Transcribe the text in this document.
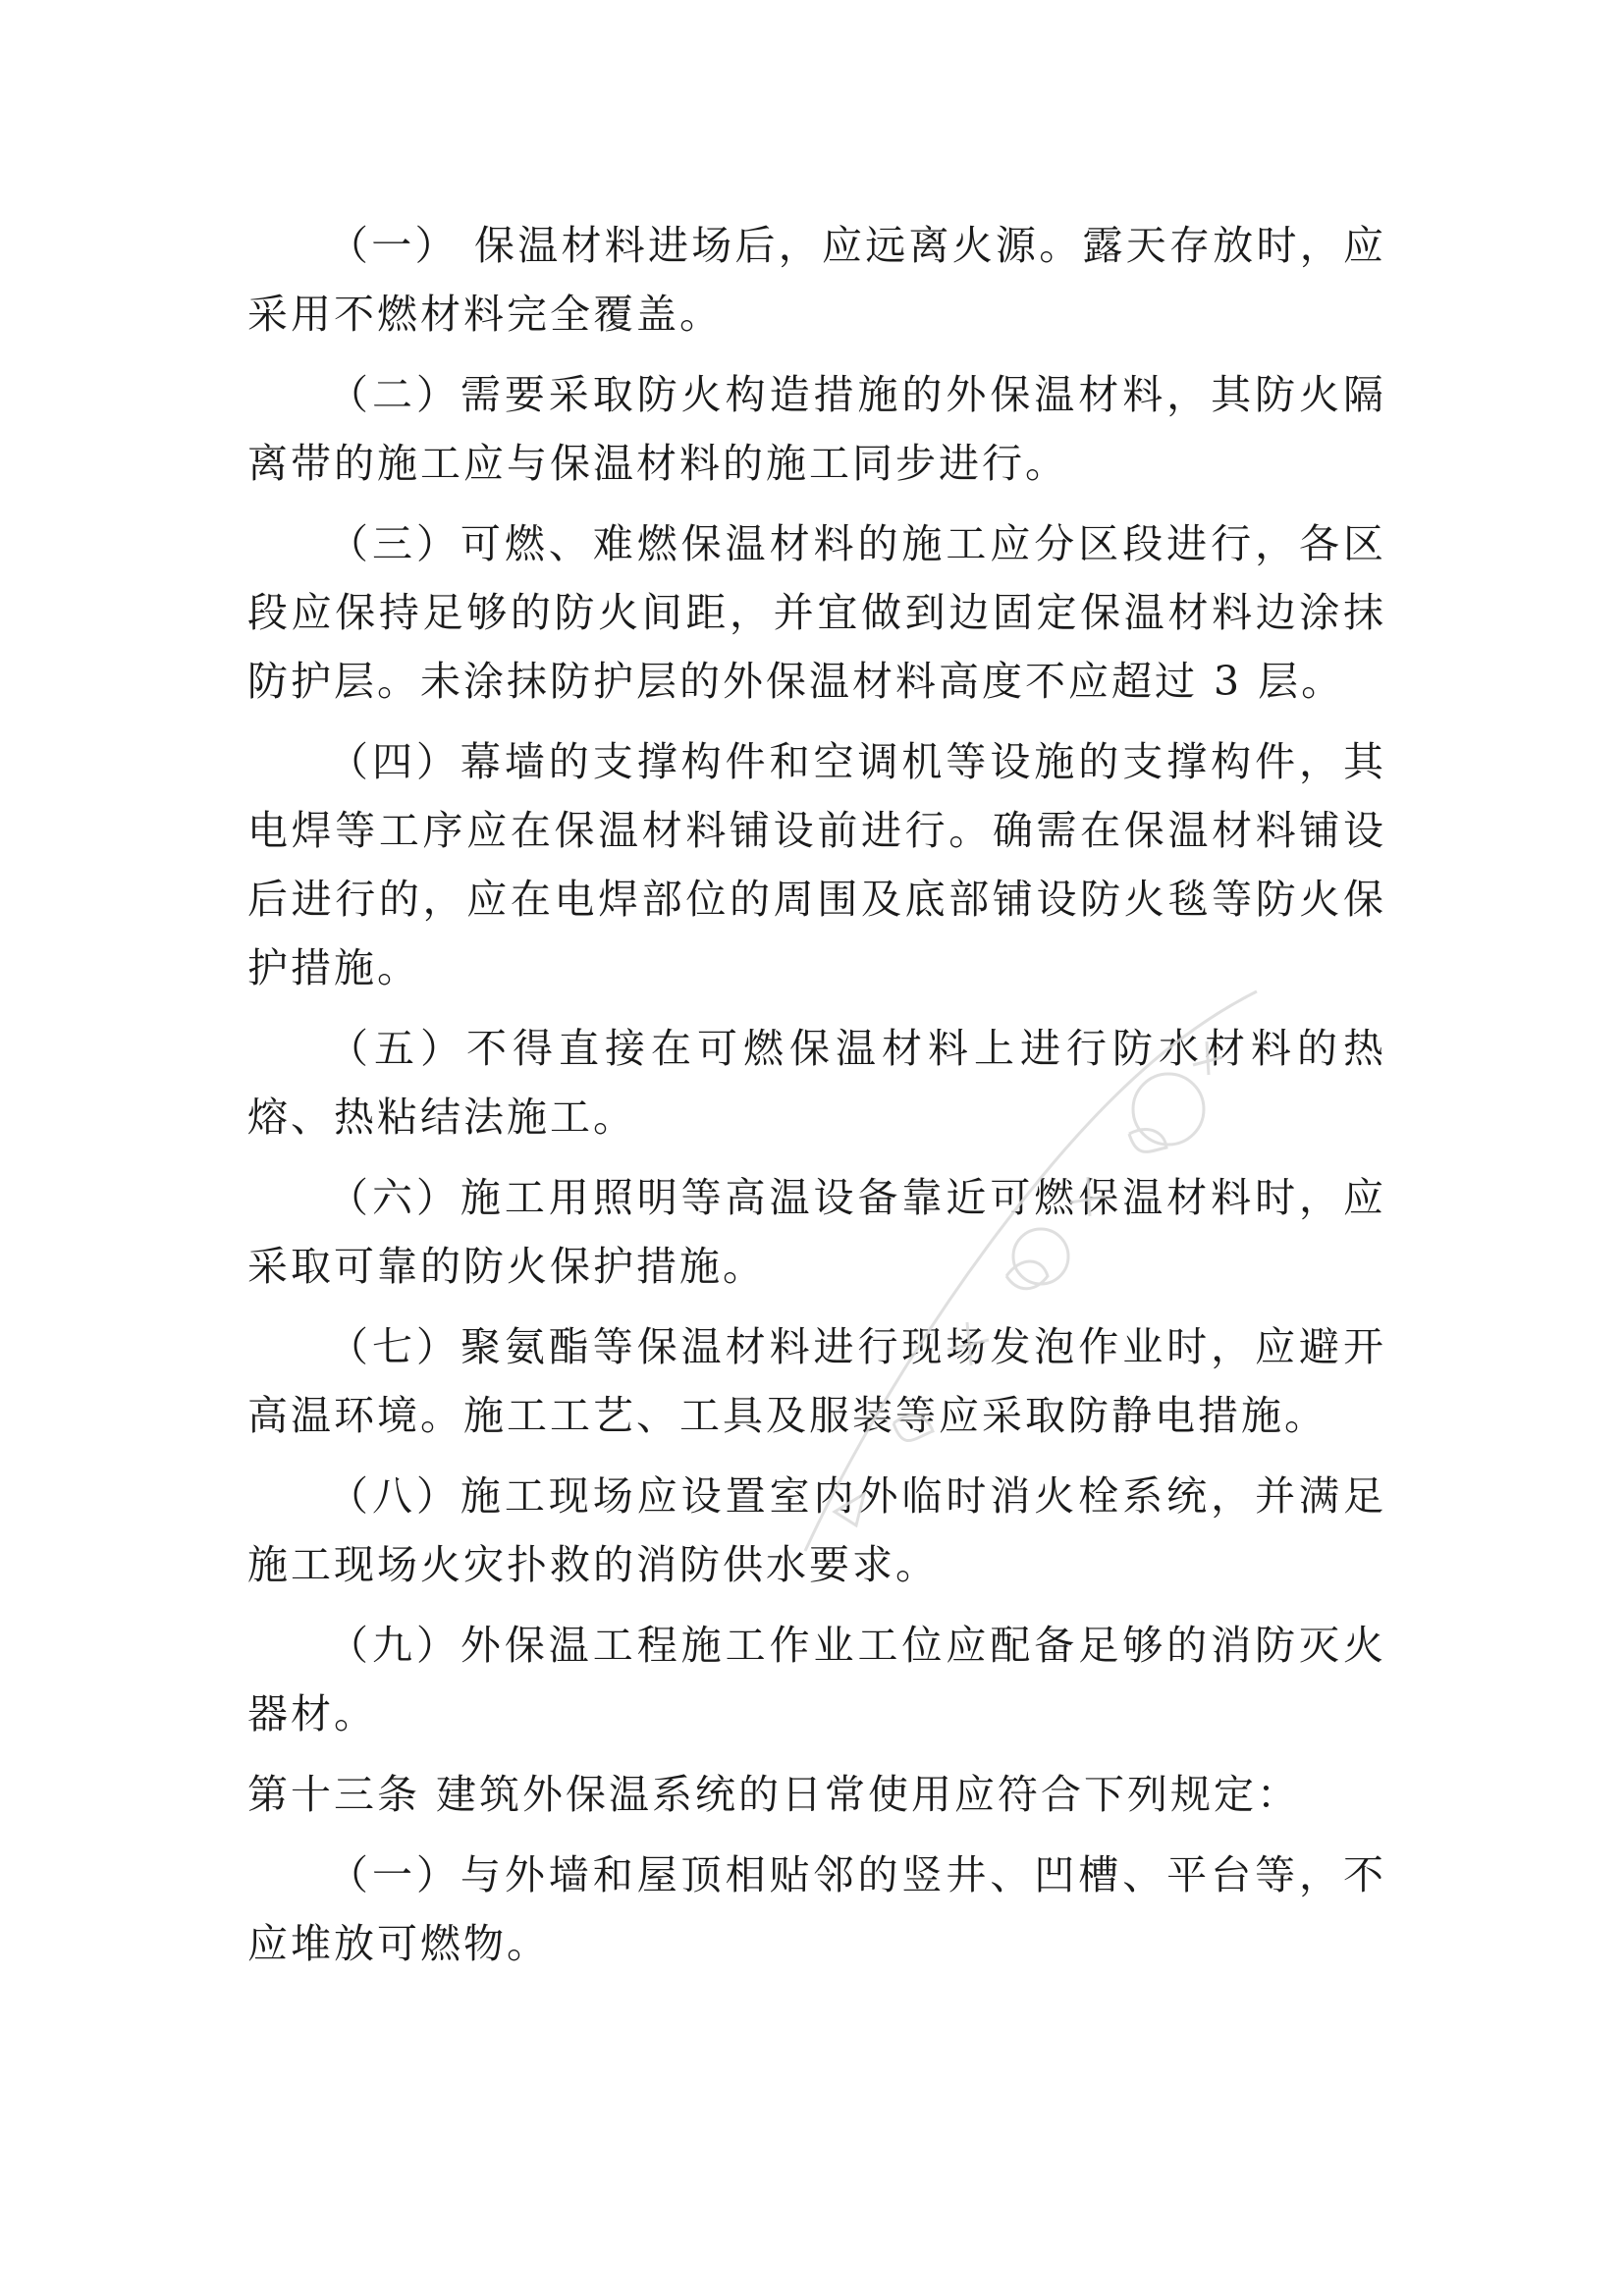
（一） 保温材料进场后，应远离火源。露天存放时，应采用不燃材料完全覆盖。

（二）需要采取防火构造措施的外保温材料，其防火隔离带的施工应与保温材料的施工同步进行。

（三）可燃、难燃保温材料的施工应分区段进行，各区段应保持足够的防火间距，并宜做到边固定保温材料边涂抹防护层。未涂抹防护层的外保温材料高度不应超过 3 层。

（四）幕墙的支撑构件和空调机等设施的支撑构件，其电焊等工序应在保温材料铺设前进行。确需在保温材料铺设后进行的，应在电焊部位的周围及底部铺设防火毯等防火保护措施。

（五）不得直接在可燃保温材料上进行防水材料的热熔、热粘结法施工。

（六）施工用照明等高温设备靠近可燃保温材料时，应采取可靠的防火保护措施。

（七）聚氨酯等保温材料进行现场发泡作业时，应避开高温环境。施工工艺、工具及服装等应采取防静电措施。

（八）施工现场应设置室内外临时消火栓系统，并满足施工现场火灾扑救的消防供水要求。

（九）外保温工程施工作业工位应配备足够的消防灭火器材。

第十三条 建筑外保温系统的日常使用应符合下列规定：

（一）与外墙和屋顶相贴邻的竖井、凹槽、平台等，不应堆放可燃物。
